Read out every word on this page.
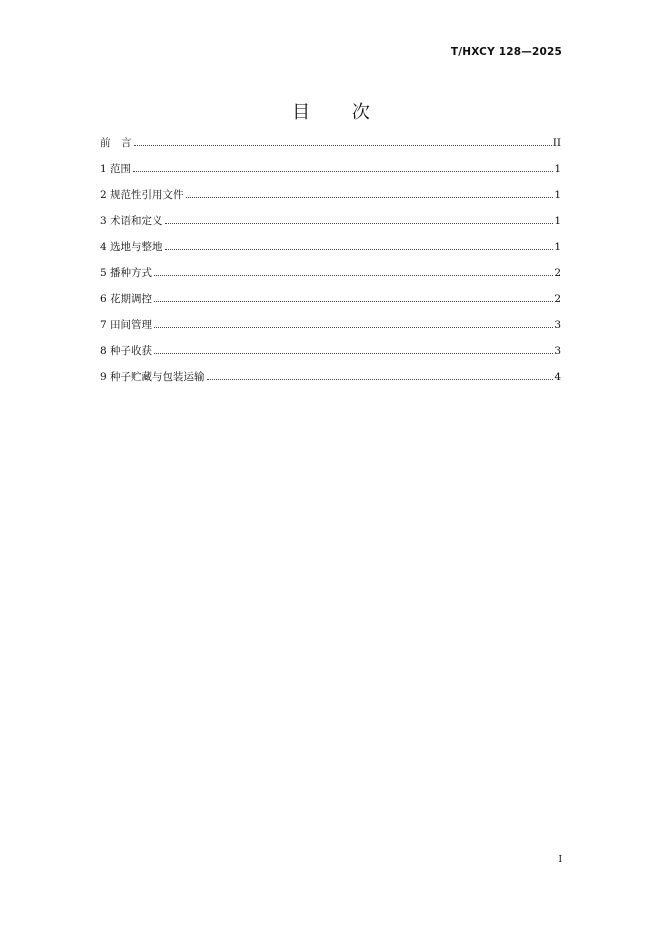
T/HXCY 128—2025
目 次
前　言	II
1 范围	1
2 规范性引用文件	1
3 术语和定义	1
4 选地与整地	1
5 播种方式	2
6 花期调控	2
7 田间管理	3
8 种子收获	3
9 种子贮藏与包装运输	4
I
